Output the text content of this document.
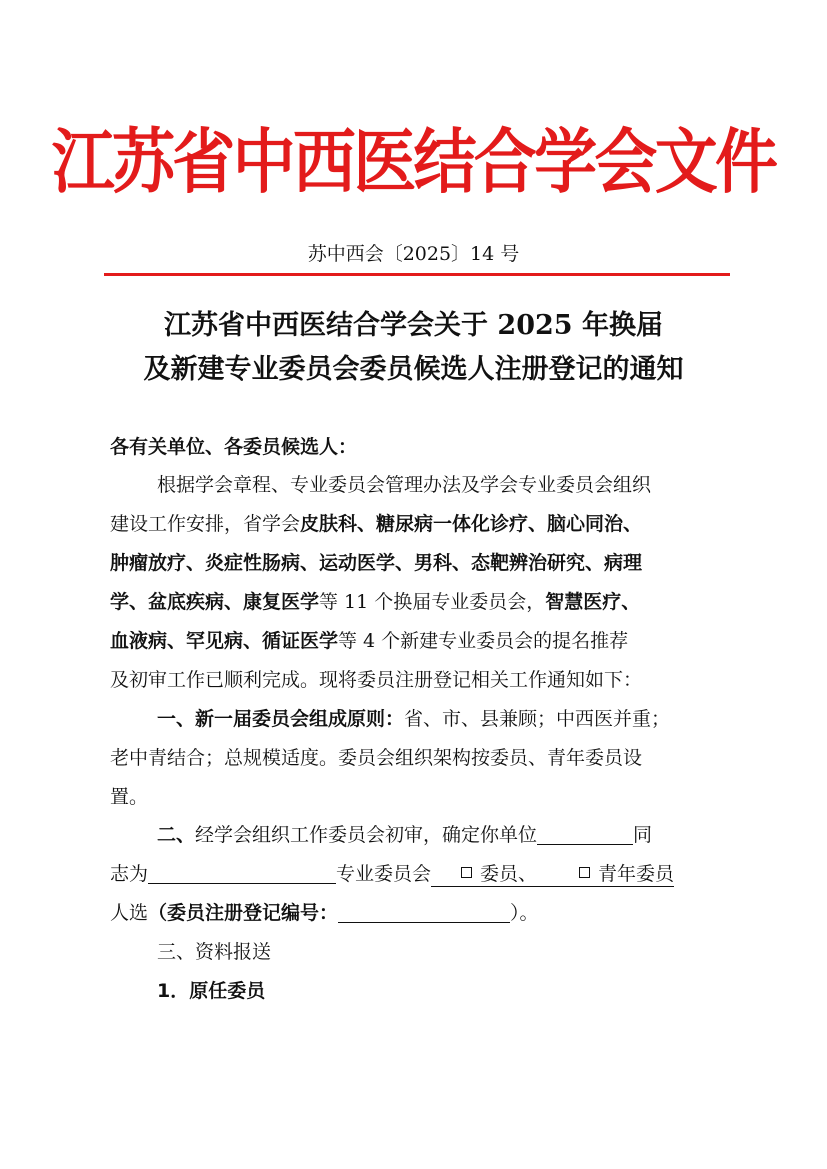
江苏省中西医结合学会文件
苏中西会〔2025〕14 号
江苏省中西医结合学会关于 2025 年换届
及新建专业委员会委员候选人注册登记的通知
各有关单位、各委员候选人：
根据学会章程、专业委员会管理办法及学会专业委员会组织
建设工作安排，省学会皮肤科、糖尿病一体化诊疗、脑心同治、
肿瘤放疗、炎症性肠病、运动医学、男科、态靶辨治研究、病理
学、盆底疾病、康复医学等 11 个换届专业委员会，智慧医疗、
血液病、罕见病、循证医学等 4 个新建专业委员会的提名推荐
及初审工作已顺利完成。现将委员注册登记相关工作通知如下：
一、新一届委员会组成原则：省、市、县兼顾；中西医并重；
老中青结合；总规模适度。委员会组织架构按委员、青年委员设
置。
二、经学会组织工作委员会初审，确定你单位	同
志为	专业委员会	委员、	青年委员
人选（委员注册登记编号：	）。
三、资料报送
1．原任委员
